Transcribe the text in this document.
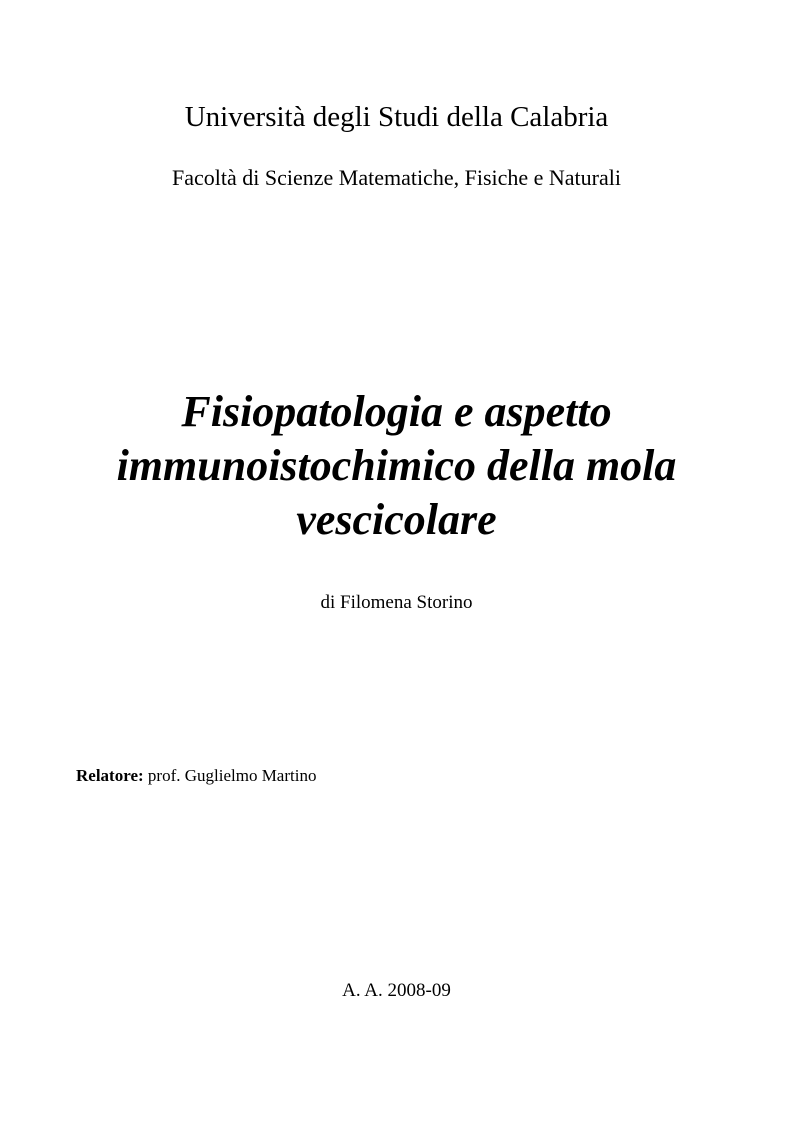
Università degli Studi della Calabria

Facoltà di Scienze Matematiche, Fisiche e Naturali

Fisiopatologia e aspetto
immunoistochimico della mola
vescicolare

di Filomena Storino

Relatore: prof. Guglielmo Martino

A. A. 2008-09
